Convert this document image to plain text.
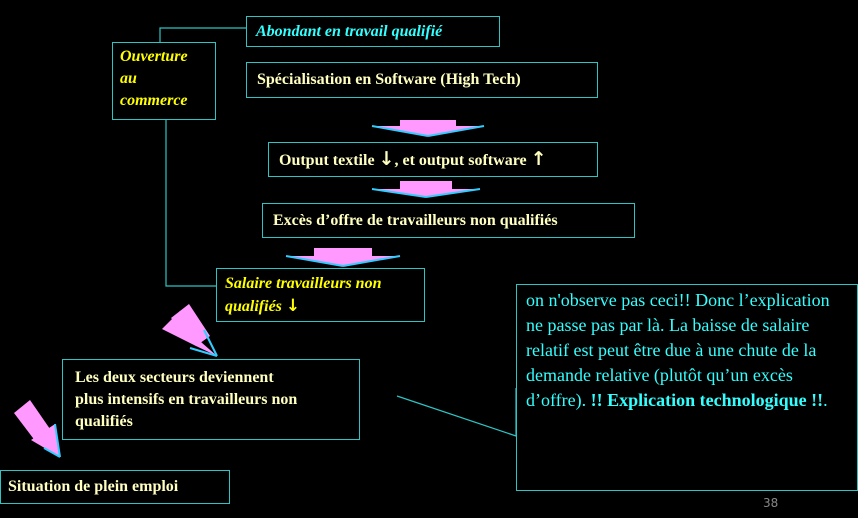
Abondant en travail qualifié
Ouverture
au
commerce
Spécialisation en Software (High Tech)
Output textile ↓, et output software ↑
Excès d’offre de travailleurs non qualifiés
Salaire travailleurs non
qualifiés ↓
Les deux secteurs deviennent
plus intensifs en travailleurs non
qualifiés
Situation de plein emploi
on n'observe pas ceci!! Donc l’explication ne passe pas par là. La baisse de salaire relatif est peut être due à une chute de la demande relative (plutôt qu’un excès d’offre). !! Explication technologique !!.
38
